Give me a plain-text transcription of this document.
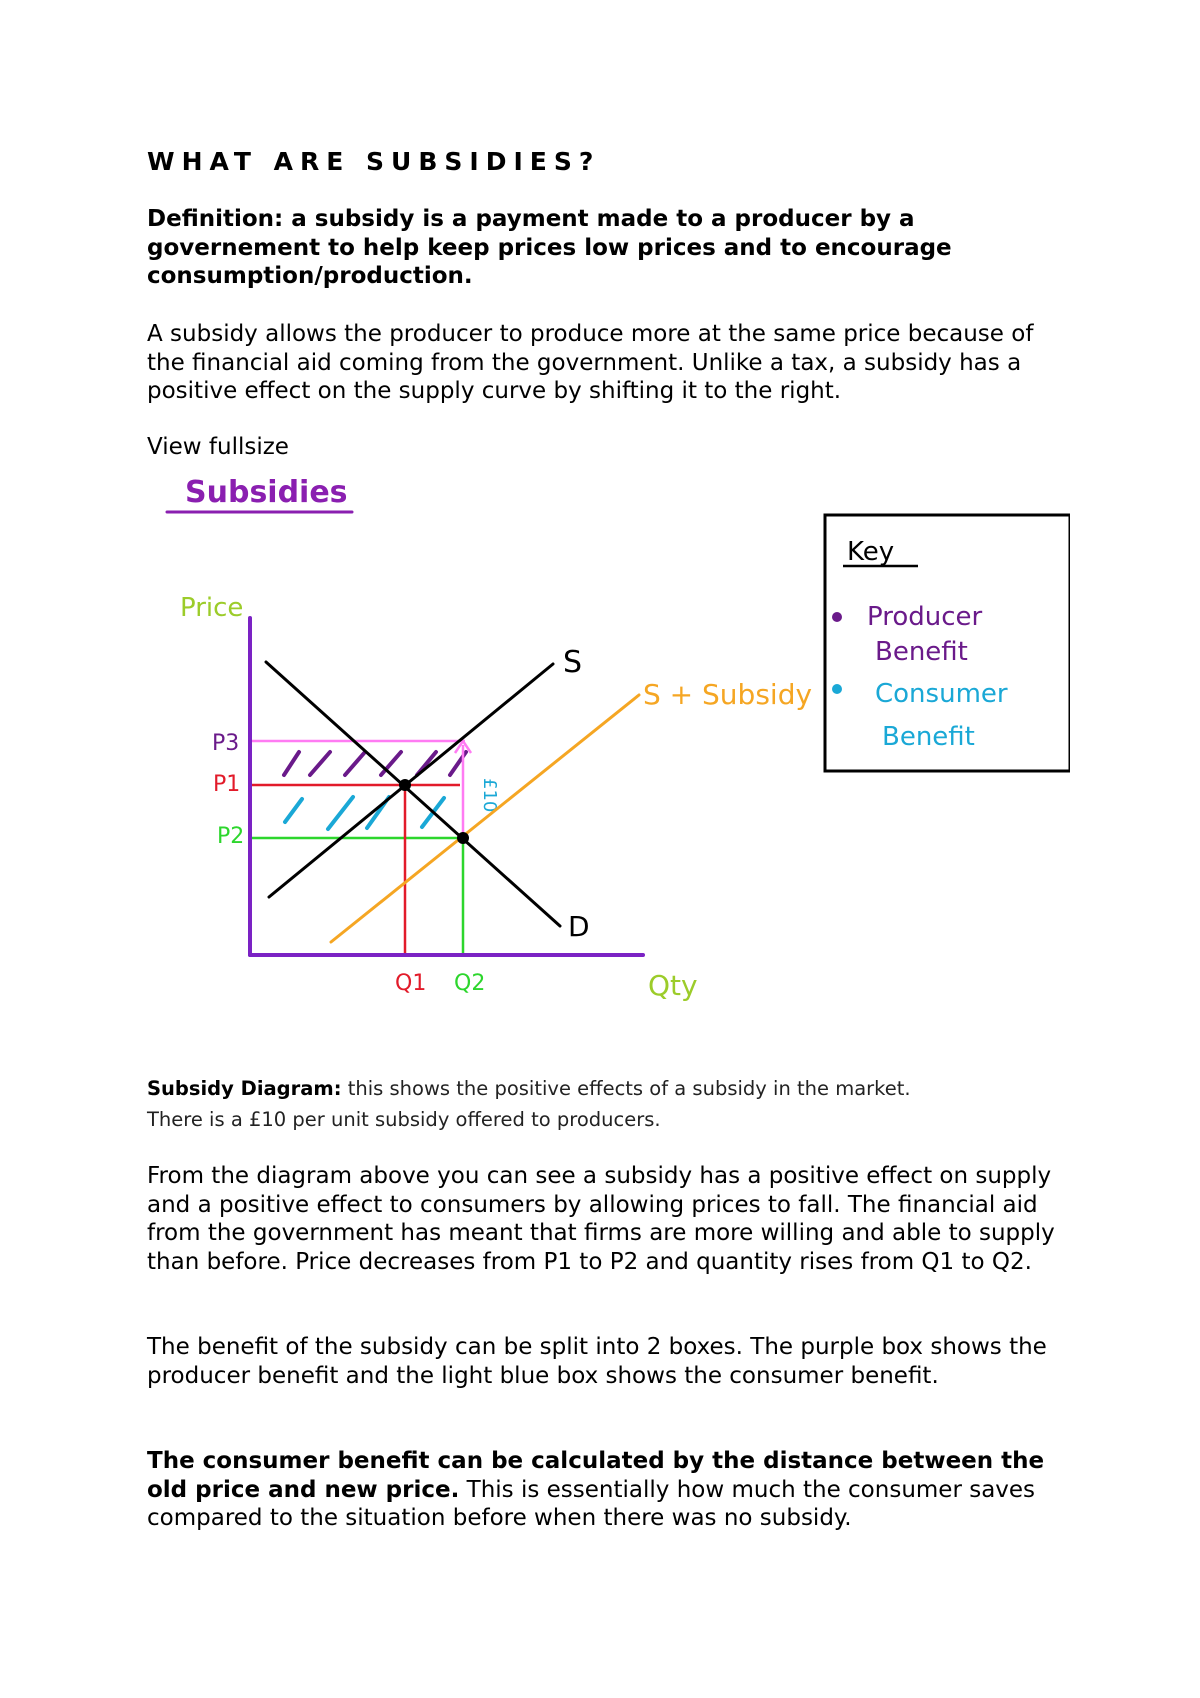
WHAT ARE SUBSIDIES?

Definition: a subsidy is a payment made to a producer by a governement to help keep prices low prices and to encourage consumption/production.

A subsidy allows the producer to produce more at the same price because of the financial aid coming from the government. Unlike a tax, a subsidy has a positive effect on the supply curve by shifting it to the right.

View fullsize

Subsidies
Key
Producer
Benefit
Consumer
Benefit
Price
Qty
£10
S
S + Subsidy
D
P3
P1
P2
Q1 Q2

Subsidy Diagram: this shows the positive effects of a subsidy in the market.

There is a £10 per unit subsidy offered to producers.

From the diagram above you can see a subsidy has a positive effect on supply and a positive effect to consumers by allowing prices to fall. The financial aid from the government has meant that firms are more willing and able to supply than before. Price decreases from P1 to P2 and quantity rises from Q1 to Q2.

The benefit of the subsidy can be split into 2 boxes. The purple box shows the producer benefit and the light blue box shows the consumer benefit.

The consumer benefit can be calculated by the distance between the old price and new price. This is essentially how much the consumer saves compared to the situation before when there was no subsidy.
